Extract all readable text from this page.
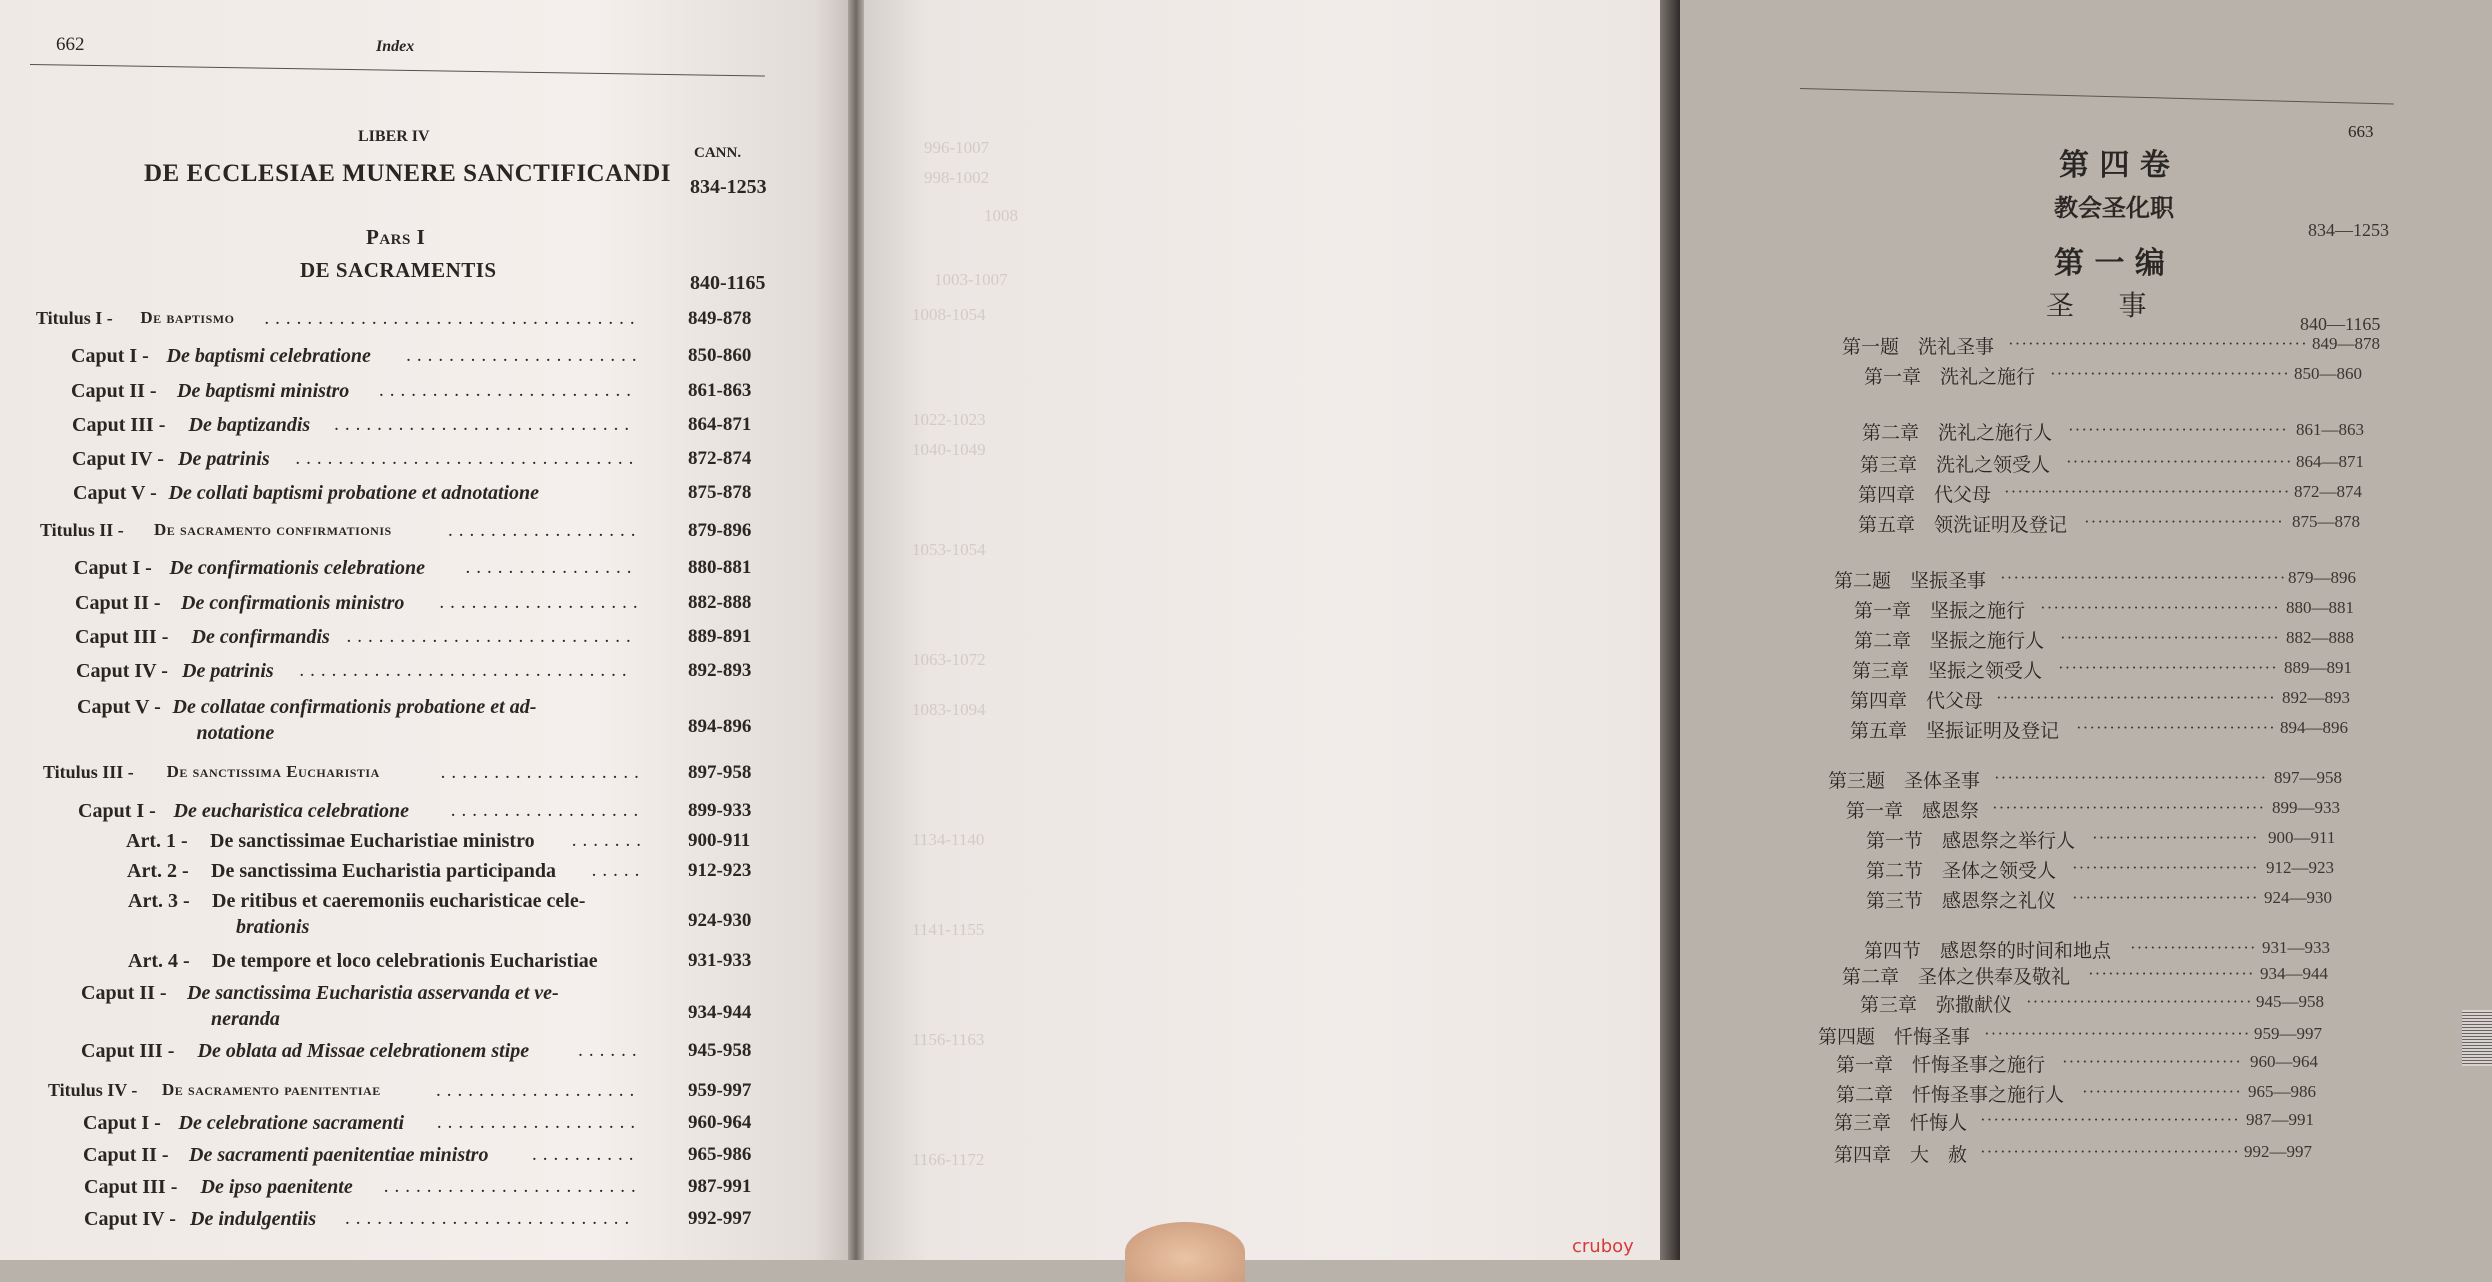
662	Index
LIBER IV
CANN.
DE ECCLESIAE MUNERE SANCTIFICANDI 834-1253
Pars I
DE SACRAMENTIS
840-1165
Titulus I - De baptismo ................................... 849-878
Caput I - De baptismi celebratione ...................... 850-860
Caput II - De baptismi ministro ........................	861-863
Caput III - De baptizandis ............................	864-871
Caput IV - De patrinis ................................	872-874
Caput V - De collati baptismi probatione et adnotatione	875-878
Titulus II - De sacramento confirmationis	.................. 879-896
Caput I - De confirmationis celebratione ................	880-881
Caput II - De confirmationis ministro ................... 882-888
Caput III - De confirmandis ...........................	889-891
Caput IV - De patrinis ...............................	892-893
Caput V - De collatae confirmationis probatione et ad-
notatione	894-896
Titulus III - De sanctissima Eucharistia	................... 897-958
Caput I - De eucharistica celebratione .................. 899-933
Art. 1 - De sanctissimae Eucharistiae ministro ....... 900-911
Art. 2 - De sanctissima Eucharistia participanda ..... 912-923
Art. 3 - De ritibus et caeremoniis eucharisticae cele-
brationis	924-930
Art. 4 - De tempore et loco celebrationis Eucharistiae	931-933
Caput II - De sanctissima Eucharistia asservanda et ve-
neranda	934-944
Caput III - De oblata ad Missae celebrationem stipe	...... 945-958
Titulus IV - De sacramento paenitentiae	...................	959-997
Caput I - De celebratione sacramenti ................... 960-964
Caput II - De sacramenti paenitentiae ministro ..........	965-986
Caput III - De ipso paenitente ........................ 987-991
Caput IV - De indulgentiis ...........................	992-997
996-1007
998-1002
1008
1003-1007
1008-1054
1022-1023
1040-1049
1053-1054
1063-1072
1083-1094
1134-1140
1141-1155
1156-1163
1166-1172
663
第 四 卷
教会圣化职
834—1253
第 一 编
圣     事
840—1165
第一题　洗礼圣事 ············································· 849—878
第一章　洗礼之施行 ···································· 850—860
第二章　洗礼之施行人 ································· 861—863
第三章　洗礼之领受人 ·································· 864—871
第四章　代父母 ··········································· 872—874
第五章　领洗证明及登记 ······························ 875—878
第二题　坚振圣事 ··········································· 879—896
第一章　坚振之施行 ···································· 880—881
第二章　坚振之施行人 ································· 882—888
第三章　坚振之领受人 ································· 889—891
第四章　代父母 ·········································· 892—893
第五章　坚振证明及登记 ······························ 894—896
第三题　圣体圣事 ········································· 897—958
第一章　感恩祭 ········································· 899—933
第一节　感恩祭之举行人 ························· 900—911
第二节　圣体之领受人 ···························· 912—923
第三节　感恩祭之礼仪 ···························· 924—930
第四节　感恩祭的时间和地点 ··················· 931—933
第二章　圣体之供奉及敬礼 ························· 934—944
第三章　弥撒献仪 ·································· 945—958
第四题　忏悔圣事 ········································ 959—997
第一章　忏悔圣事之施行 ··························· 960—964
第二章　忏悔圣事之施行人 ························ 965—986
第三章　忏悔人 ······································· 987—991
第四章　大　赦 ······································· 992—997
cruboy
